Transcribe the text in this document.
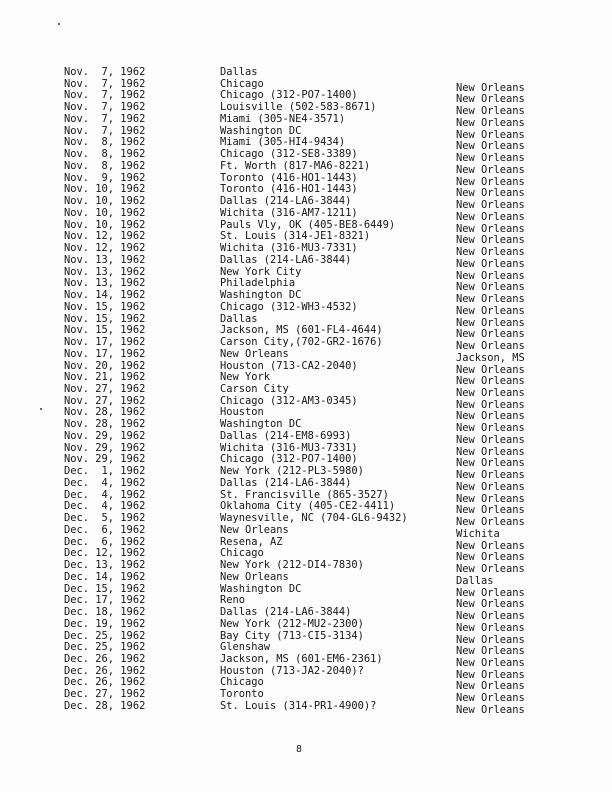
Nov.  7, 1962	Dallas
Nov.  7, 1962	Chicago	New Orleans
Nov.  7, 1962	Chicago (312-PO7-1400)	New Orleans
Nov.  7, 1962	Louisville (502-583-8671)	New Orleans
Nov.  7, 1962	Miami (305-NE4-3571)	New Orleans
Nov.  7, 1962	Washington DC	New Orleans
Nov.  8, 1962	Miami (305-HI4-9434)	New Orleans
Nov.  8, 1962	Chicago (312-SE8-3389)	New Orleans
Nov.  8, 1962	Ft. Worth (817-MA6-8221)	New Orleans
Nov.  9, 1962	Toronto (416-HO1-1443)	New Orleans
Nov. 10, 1962	Toronto (416-HO1-1443)	New Orleans
Nov. 10, 1962	Dallas (214-LA6-3844)	New Orleans
Nov. 10, 1962	Wichita (316-AM7-1211)	New Orleans
Nov. 10, 1962	Pauls Vly, OK (405-BE8-6449)	New Orleans
Nov. 12, 1962	St. Louis (314-JE1-8321)	New Orleans
Nov. 12, 1962	Wichita (316-MU3-7331)	New Orleans
Nov. 13, 1962	Dallas (214-LA6-3844)	New Orleans
Nov. 13, 1962	New York City	New Orleans
Nov. 13, 1962	Philadelphia	New Orleans
Nov. 14, 1962	Washington DC	New Orleans
Nov. 15, 1962	Chicago (312-WH3-4532)	New Orleans
Nov. 15, 1962	Dallas	New Orleans
Nov. 15, 1962	Jackson, MS (601-FL4-4644)	New Orleans
Nov. 17, 1962	Carson City,(702-GR2-1676)	New Orleans
Nov. 17, 1962	New Orleans	Jackson, MS
Nov. 20, 1962	Houston (713-CA2-2040)	New Orleans
Nov. 21, 1962	New York	New Orleans
Nov. 27, 1962	Carson City	New Orleans
Nov. 27, 1962	Chicago (312-AM3-0345)	New Orleans
Nov. 28, 1962	Houston	New Orleans
Nov. 28, 1962	Washington DC	New Orleans
Nov. 29, 1962	Dallas (214-EM8-6993)	New Orleans
Nov. 29, 1962	Wichita (316-MU3-7331)	New Orleans
Nov. 29, 1962	Chicago (312-PO7-1400)	New Orleans
Dec.  1, 1962	New York (212-PL3-5980)	New Orleans
Dec.  4, 1962	Dallas (214-LA6-3844)	New Orleans
Dec.  4, 1962	St. Francisville (865-3527)	New Orleans
Dec.  4, 1962	Oklahoma City (405-CE2-4411)	New Orleans
Dec.  5, 1962	Waynesville, NC (704-GL6-9432)	New Orleans
Dec.  6, 1962	New Orleans	Wichita
Dec.  6, 1962	Resena, AZ	New Orleans
Dec. 12, 1962	Chicago	New Orleans
Dec. 13, 1962	New York (212-DI4-7830)	New Orleans
Dec. 14, 1962	New Orleans	Dallas
Dec. 15, 1962	Washington DC	New Orleans
Dec. 17, 1962	Reno	New Orleans
Dec. 18, 1962	Dallas (214-LA6-3844)	New Orleans
Dec. 19, 1962	New York (212-MU2-2300)	New Orleans
Dec. 25, 1962	Bay City (713-CI5-3134)	New Orleans
Dec. 25, 1962	Glenshaw	New Orleans
Dec. 26, 1962	Jackson, MS (601-EM6-2361)	New Orleans
Dec. 26, 1962	Houston (713-JA2-2040)?	New Orleans
Dec. 26, 1962	Chicago	New Orleans
Dec. 27, 1962	Toronto	New Orleans
Dec. 28, 1962	St. Louis (314-PR1-4900)?	New Orleans
8
